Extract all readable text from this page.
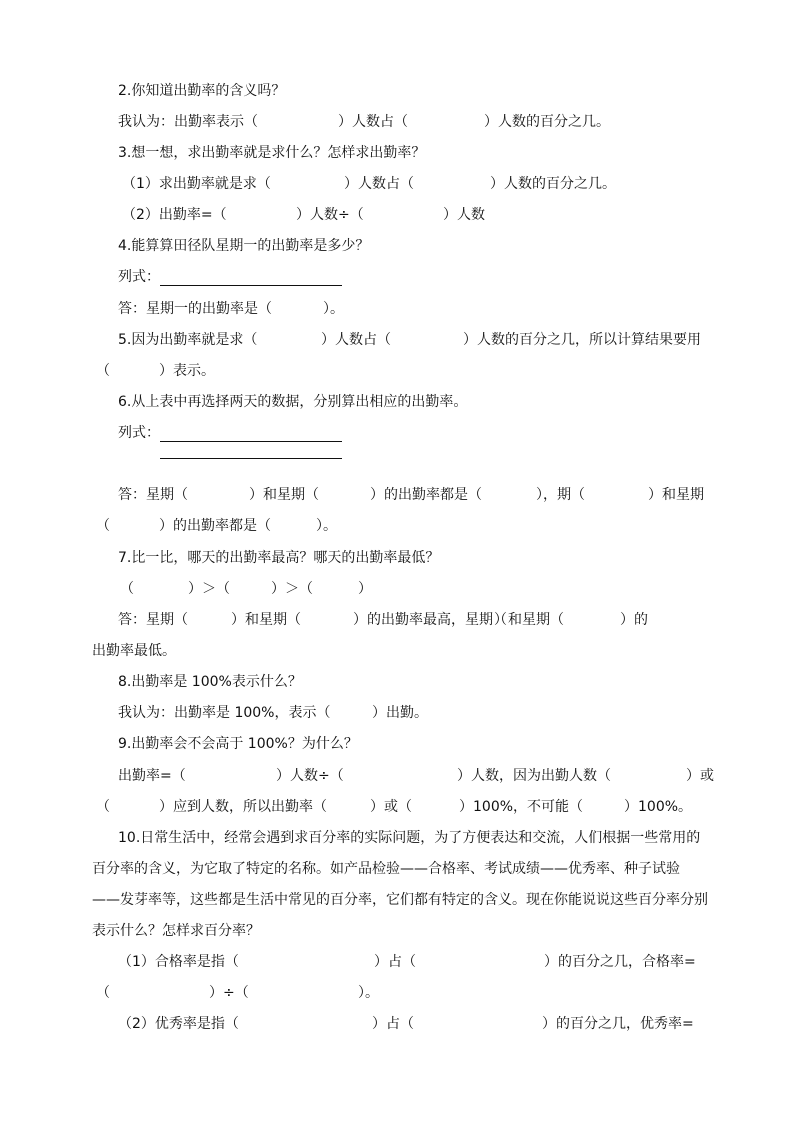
2.你知道出勤率的含义吗？
我认为：出勤率表示（	）人数占（	）人数的百分之几。
3.想一想，求出勤率就是求什么？怎样求出勤率？
（1）求出勤率就是求（	）人数占（	）人数的百分之几。
（2）出勤率=（	）人数÷（	）人数
4.能算算田径队星期一的出勤率是多少？
列式：
答：星期一的出勤率是（	）。
5.因为出勤率就是求（	）人数占（	）人数的百分之几，所以计算结果要用
（	）表示。
6.从上表中再选择两天的数据，分别算出相应的出勤率。
列式：
答：星期（	）和星期（	）的出勤率都是（	），期（	）和星期
（	）的出勤率都是（	）。
7.比一比，哪天的出勤率最高？哪天的出勤率最低？
（	）＞（	）＞（	）
答：星期（	）和星期（	）的出勤率最高，星期（
）和星期（	）的
出勤率最低。
8.出勤率是 100%表示什么？
我认为：出勤率是 100%，表示（	）出勤。
9.出勤率会不会高于 100%？为什么？
出勤率=（	）人数÷（	）人数，因为出勤人数（	）或
（	）应到人数，所以出勤率（	）或（	）100%，不可能（	）100%。
10.日常生活中，经常会遇到求百分率的实际问题，为了方便表达和交流，人们根据一些常用的
百分率的含义，为它取了特定的名称。如产品检验——合格率、考试成绩——优秀率、种子试验
——发芽率等，这些都是生活中常见的百分率，它们都有特定的含义。现在你能说说这些百分率分别
表示什么？怎样求百分率？
（1）合格率是指（	）占（	）的百分之几，合格率=
（	）÷（	）。
（2）优秀率是指（	）占（	）的百分之几，优秀率=
